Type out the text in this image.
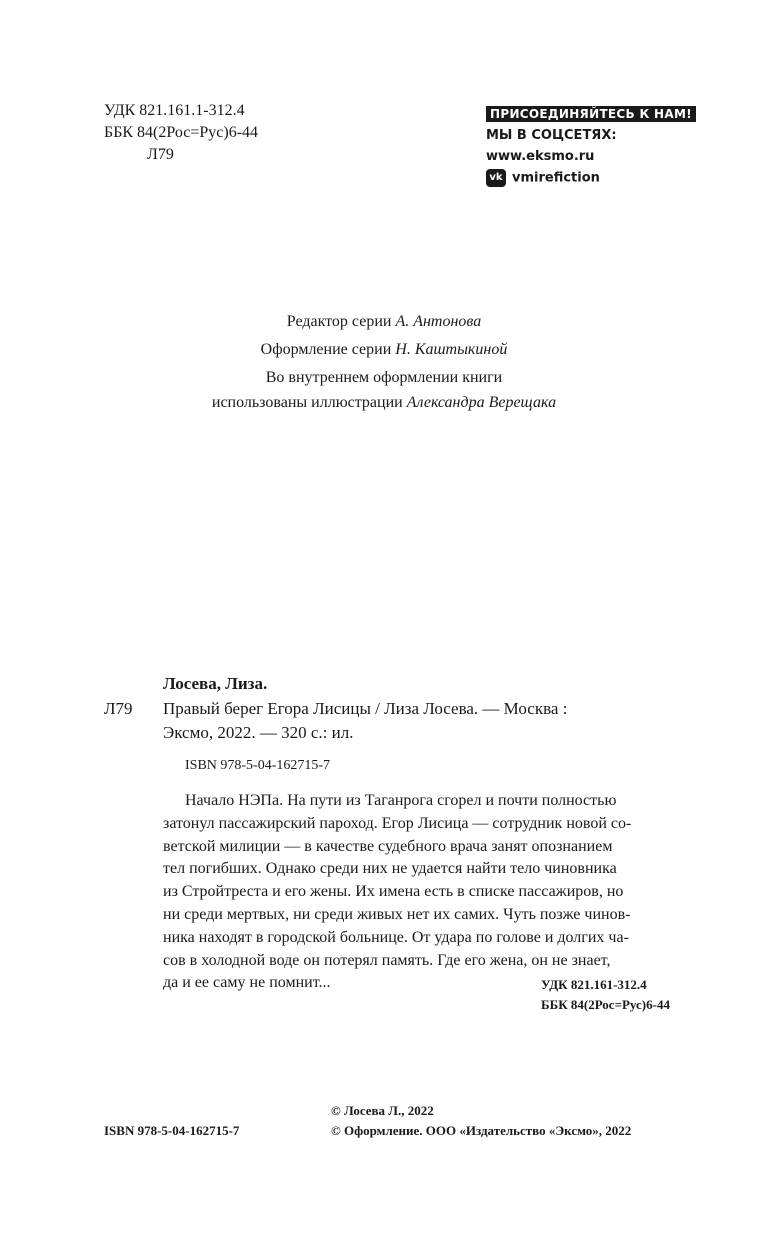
УДК 821.161.1-312.4
ББК 84(2Рос=Рус)6-44
Л79
ПРИСОЕДИНЯЙТЕСЬ К НАМ!
МЫ В СОЦСЕТЯХ:
www.eksmo.ru
vk vmirefiction
Редактор серии А. Антонова
Оформление серии Н. Каштыкиной
Во внутреннем оформлении книги
использованы иллюстрации Александра Верещака
Лосева, Лиза.
Л79 Правый берег Егора Лисицы / Лиза Лосева. — Москва :
Эксмо, 2022. — 320 с.: ил.
ISBN 978-5-04-162715-7
Начало НЭПа. На пути из Таганрога сгорел и почти полностью
затонул пассажирский пароход. Егор Лисица — сотрудник новой со-
ветской милиции — в качестве судебного врача занят опознанием
тел погибших. Однако среди них не удается найти тело чиновника
из Стройтреста и его жены. Их имена есть в списке пассажиров, но
ни среди мертвых, ни среди живых нет их самих. Чуть позже чинов-
ника находят в городской больнице. От удара по голове и долгих ча-
сов в холодной воде он потерял память. Где его жена, он не знает,
да и ее саму не помнит...	УДК 821.161-312.4
ББК 84(2Рос=Рус)6-44
ISBN 978-5-04-162715-7
© Лосева Л., 2022
© Оформление. ООО «Издательство «Эксмо», 2022
